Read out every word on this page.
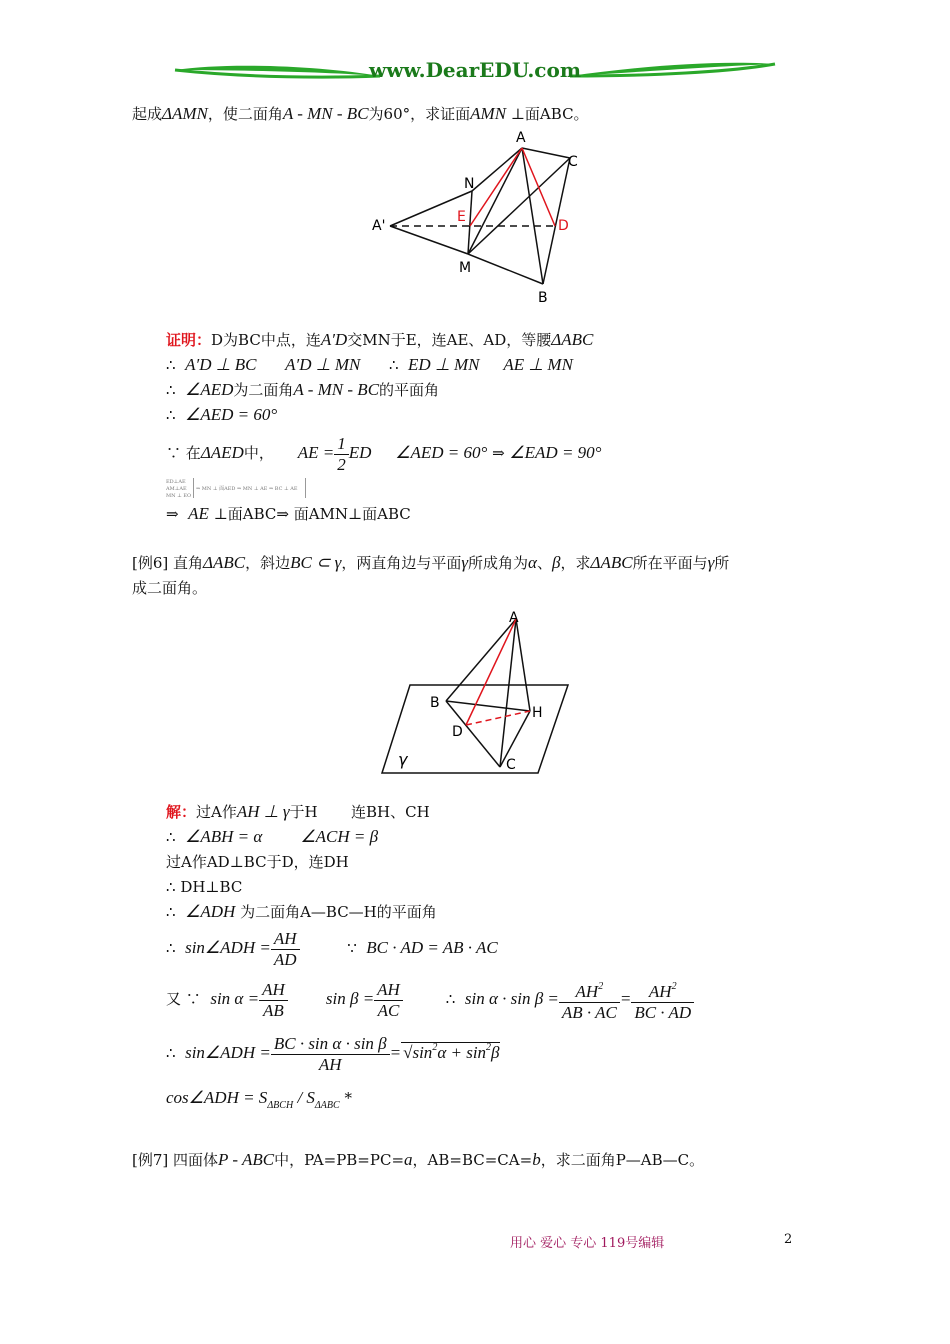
www.DearEDU.com
起成ΔAMN，使二面角A - MN - BC为60°，求证面AMN ⊥面ABC。
A
C
N
E
D
A'
M
B
证明：D为BC中点，连A′D交MN于E，连AE、AD，等腰ΔABC
∴ A′D ⊥ BC A′D ⊥ MN ∴ ED ⊥ MN AE ⊥ MN
∴ ∠AED为二面角A - MN - BC的平面角
∴ ∠AED = 60°
∵ 在ΔAED中， AE = $\frac{1}{2}$ ED ∠AED = 60° ⇒ ∠EAD = 90°
ED⊥AE
AM⊥AE
MN ⊥ EO
⇒ MN ⊥ 面AED ⇒ MN ⊥ AE ⇒ BC ⊥ AE
⇒ AE ⊥面ABC⇒ 面AMN⊥面ABC
[例6] 直角ΔABC，斜边BC ⊂ γ，两直角边与平面γ所成角为α、β，求ΔABC所在平面与γ所
成二面角。
A
B
H
D
C
γ
解：过A作AH ⊥ γ于H 连BH、CH
∴ ∠ABH = α ∠ACH = β
过A作AD⊥BC于D，连DH
∴ DH⊥BC
∴ ∠ADH 为二面角A—BC—H的平面角
∴ sin∠ADH = $\frac{AH}{AD}$	∵ BC · AD = AB · AC
又 ∵ $\sin \alpha = \frac{AH}{AB}$ $\sin \beta = \frac{AH}{AC}$	∴ $\sin \alpha \cdot \sin \beta = \frac{AH^2}{AB \cdot AC} = \frac{AH^2}{BC \cdot AD}$
∴ sin∠ADH = $\frac{\text{BC · sin α · sin β}}{AH} = √\sin^2\alpha + \sin^2\beta$
cos∠ADH = $S_{\Delta BCH} / S_{\Delta ABC}$ *
[例7] 四面体P - ABC中，PA=PB=PC=a，AB=BC=CA=b，求二面角P—AB—C。
用心 爱心 专心 119号编辑	2
